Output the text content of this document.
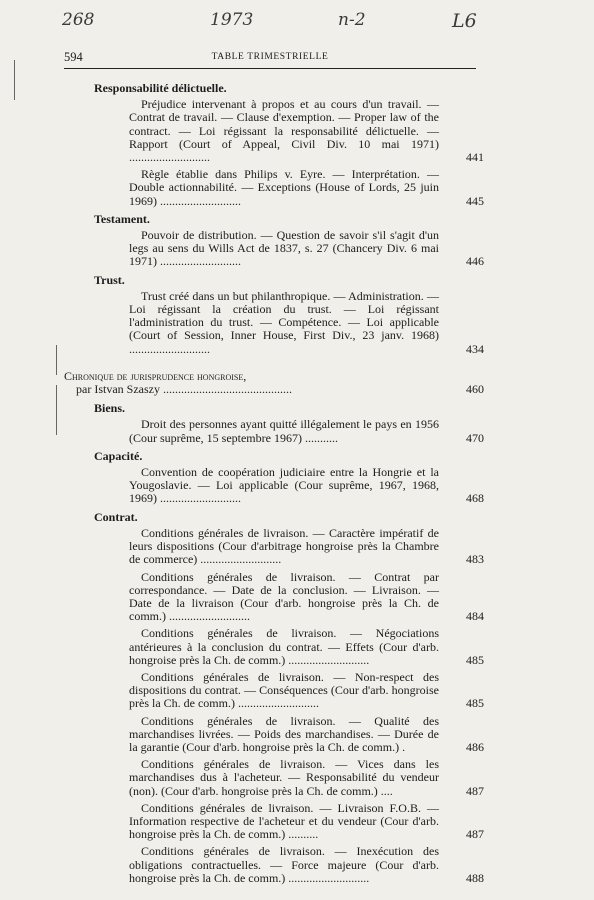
268	1973	n-2	L6
594	TABLE TRIMESTRIELLE
Responsabilité délictuelle.

Préjudice intervenant à propos et au cours d'un travail. — Contrat de travail. — Clause d'exemption. — Proper law of the contract. — Loi régissant la responsabilité délictuelle. — Rapport (Court of Appeal, Civil Div. 10 mai 1971) ...........................	441

Règle établie dans Philips v. Eyre. — Interprétation. — Double actionnabilité. — Exceptions (House of Lords, 25 juin 1969) ...........................	445
Testament.

Pouvoir de distribution. — Question de savoir s'il s'agit d'un legs au sens du Wills Act de 1837, s. 27 (Chancery Div. 6 mai 1971) ...........................	446
Trust.

Trust créé dans un but philanthropique. — Administration. — Loi régissant la création du trust. — Loi régissant l'administration du trust. — Compétence. — Loi applicable (Court of Session, Inner House, First Div., 23 janv. 1968) ...........................	434
Chronique de jurisprudence hongroise,
par Istvan Szaszy ...........................................	460
Biens.

Droit des personnes ayant quitté illégalement le pays en 1956 (Cour suprême, 15 septembre 1967) ...........	470
Capacité.

Convention de coopération judiciaire entre la Hongrie et la Yougoslavie. — Loi applicable (Cour suprême, 1967, 1968, 1969) ...........................	468
Contrat.

Conditions générales de livraison. — Caractère impératif de leurs dispositions (Cour d'arbitrage hongroise près la Chambre de commerce) ...........................	483

Conditions générales de livraison. — Contrat par correspondance. — Date de la conclusion. — Livraison. — Date de la livraison (Cour d'arb. hongroise près la Ch. de comm.) ...........................	484

Conditions générales de livraison. — Négociations antérieures à la conclusion du contrat. — Effets (Cour d'arb. hongroise près la Ch. de comm.) ...........................	485

Conditions générales de livraison. — Non-respect des dispositions du contrat. — Conséquences (Cour d'arb. hongroise près la Ch. de comm.) ...........................	485

Conditions générales de livraison. — Qualité des marchandises livrées. — Poids des marchandises. — Durée de la garantie (Cour d'arb. hongroise près la Ch. de comm.) .	486

Conditions générales de livraison. — Vices dans les marchandises dus à l'acheteur. — Responsabilité du vendeur (non). (Cour d'arb. hongroise près la Ch. de comm.) ....	487

Conditions générales de livraison. — Livraison F.O.B. — Information respective de l'acheteur et du vendeur (Cour d'arb. hongroise près la Ch. de comm.) ..........	487

Conditions générales de livraison. — Inexécution des obligations contractuelles. — Force majeure (Cour d'arb. hongroise près la Ch. de comm.) ...........................	488
